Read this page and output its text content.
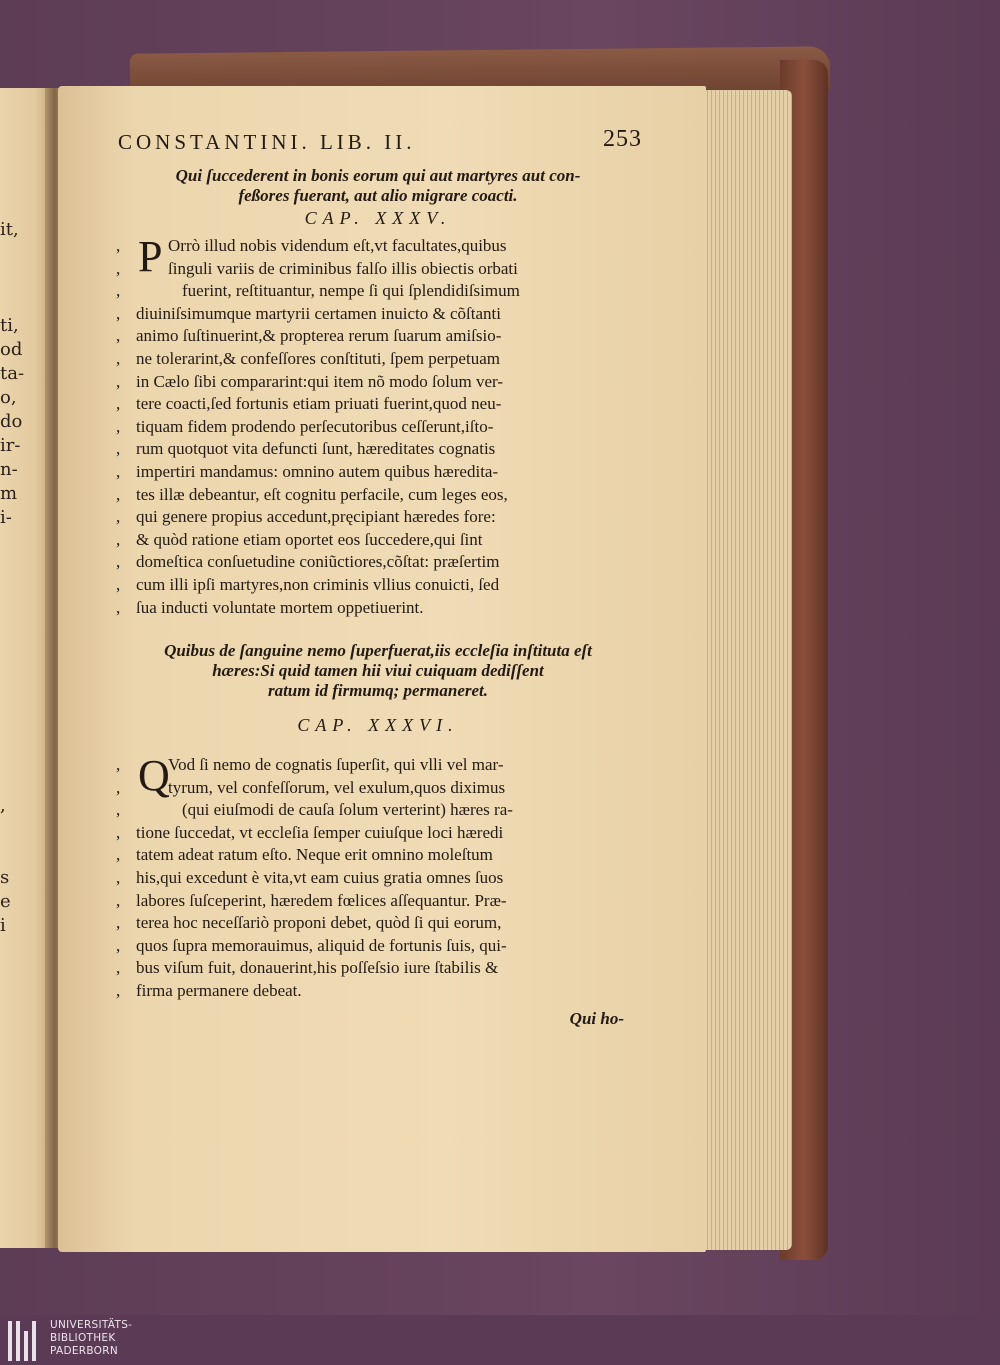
it,
ti,
od
ta-
o,
do
ir-
n-
m
i-
,
s
e
i
CONSTANTINI. LIB. II.	253
Qui ſuccederent in bonis eorum qui aut martyres aut con-
feßores fuerant, aut alio migrare coacti.
CAP. XXXV.
P
,	Orrò illud nobis videndum eſt,vt facultates,quibus
,	ſinguli variis de criminibus falſo illis obiectis orbati
,	fuerint, reſtituantur, nempe ſi qui ſplendidiſsimum
, diuiniſsimumque martyrii certamen inuicto & cõſtanti
, animo ſuſtinuerint,& propterea rerum ſuarum amiſsio-
, ne tolerarint,& confeſſores conſtituti, ſpem perpetuam
, in Cælo ſibi compararint:qui item nõ modo ſolum ver-
, tere coacti,ſed fortunis etiam priuati fuerint,quod neu-
, tiquam fidem prodendo perſecutoribus ceſſerunt,iſto-
, rum quotquot vita defuncti ſunt, hæreditates cognatis
, impertiri mandamus: omnino autem quibus hæredita-
, tes illæ debeantur, eſt cognitu perfacile, cum leges eos,
, qui genere propius accedunt,pręcipiant hæredes fore:
, & quòd ratione etiam oportet eos ſuccedere,qui ſint
, domeſtica conſuetudine coniũctiores,cõſtat: præſertim
, cum illi ipſi martyres,non criminis vllius conuicti, ſed
, ſua inducti voluntate mortem oppetiuerint.
Quibus de ſanguine nemo ſuperfuerat,iis eccleſia inſtituta eſt
hæres:Si quid tamen hii viui cuiquam dediſſent
ratum id firmumq; permaneret.
CAP. XXXVI.
Q
,	Vod ſi nemo de cognatis ſuperſit, qui vlli vel mar-
,	tyrum, vel confeſſorum, vel exulum,quos diximus
,	(qui eiuſmodi de cauſa ſolum verterint) hæres ra-
, tione ſuccedat, vt eccleſia ſemper cuiuſque loci hæredi
, tatem adeat ratum eſto. Neque erit omnino moleſtum
, his,qui excedunt è vita,vt eam cuius gratia omnes ſuos
, labores ſuſceperint, hæredem fœlices aſſequantur. Præ-
, terea hoc neceſſariò proponi debet, quòd ſi qui eorum,
, quos ſupra memorauimus, aliquid de fortunis ſuis, qui-
, bus viſum fuit, donauerint,his poſſeſsio iure ſtabilis &
, firma permanere debeat.
Qui ho-
UNIVERSITÄTS-
BIBLIOTHEK
PADERBORN
